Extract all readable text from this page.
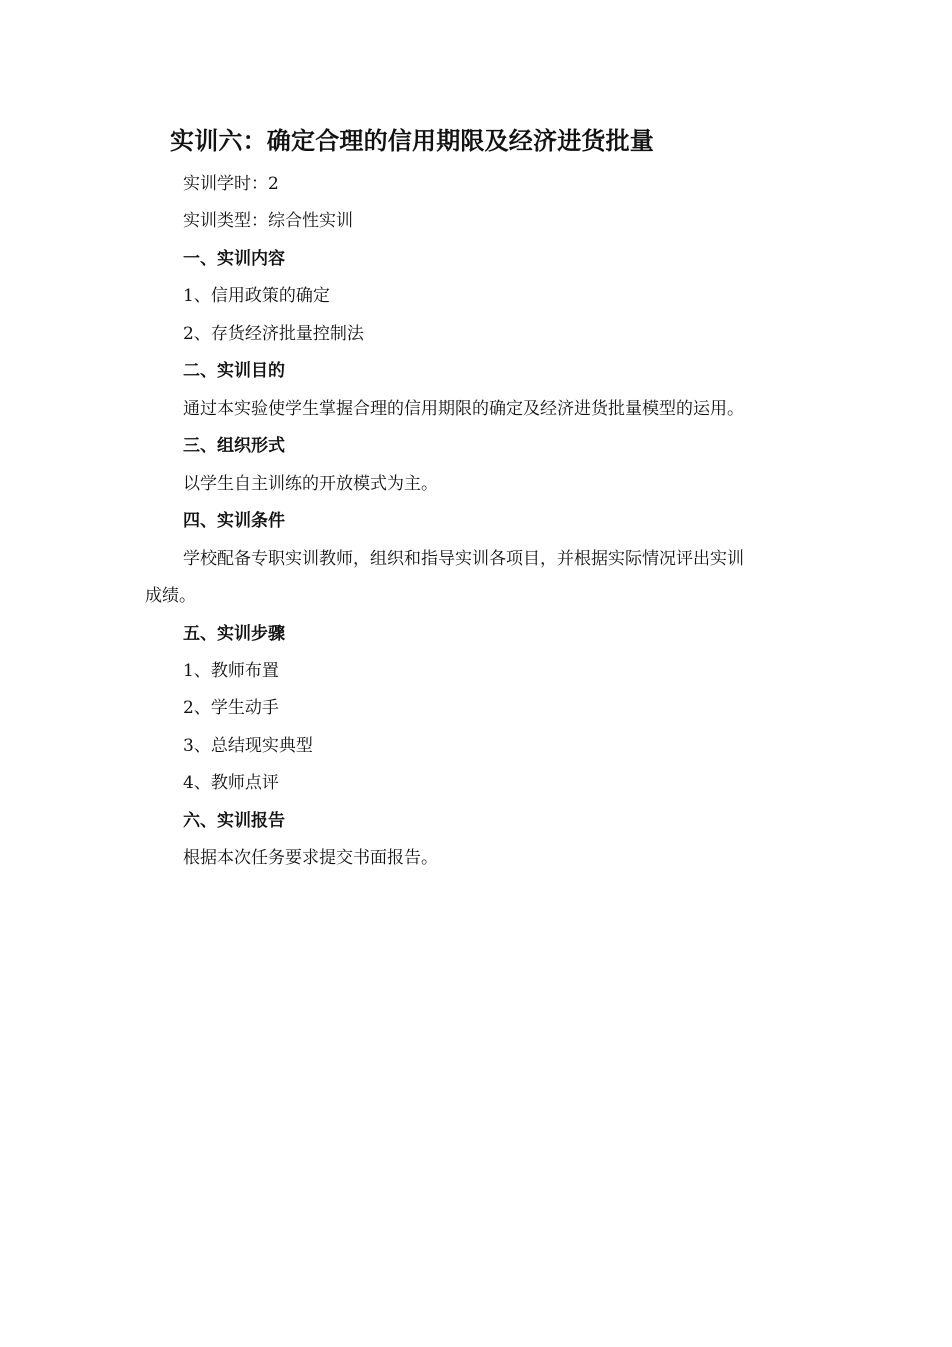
实训六：确定合理的信用期限及经济进货批量
实训学时：2
实训类型：综合性实训
一、实训内容
1、信用政策的确定
2、存货经济批量控制法
二、实训目的
通过本实验使学生掌握合理的信用期限的确定及经济进货批量模型的运用。
三、组织形式
以学生自主训练的开放模式为主。
四、实训条件
学校配备专职实训教师，组织和指导实训各项目，并根据实际情况评出实训
成绩。
五、实训步骤
1、教师布置
2、学生动手
3、总结现实典型
4、教师点评
六、实训报告
根据本次任务要求提交书面报告。
